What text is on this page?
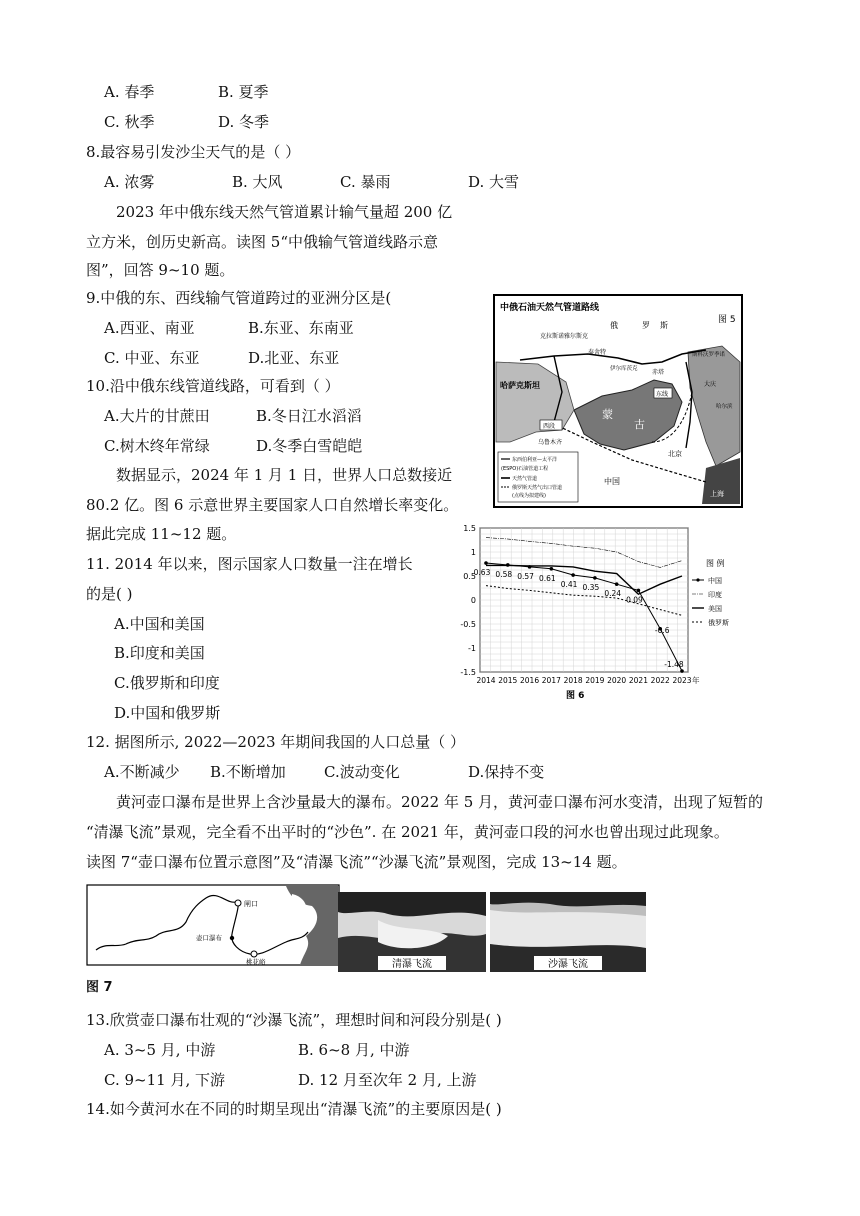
A. 春季	B. 夏季
C. 秋季	D. 冬季
8.最容易引发沙尘天气的是（ ）
A. 浓雾	B. 大风	C. 暴雨	D. 大雪
2023 年中俄东线天然气管道累计输气量超 200 亿
立方米，创历史新高。读图 5“中俄输气管道线路示意
图”，回答 9~10 题。
9.中俄的东、西线输气管道跨过的亚洲分区是(
A.西亚、南亚	B.东亚、东南亚
C. 中亚、东亚	D.北亚、东亚
10.沿中俄东线管道线路，可看到（ ）
A.大片的甘蔗田	B.冬日江水滔滔
C.树木终年常绿	D.冬季白雪皑皑
数据显示，2024 年 1 月 1 日，世界人口总数接近
80.2 亿。图 6 示意世界主要国家人口自然增长率变化。
据此完成 11~12 题。
11. 2014 年以来，图示国家人口数量一注在增长
的是( )
A.中国和美国
B.印度和美国
C.俄罗斯和印度
D.中国和俄罗斯
12. 据图所示, 2022—2023 年期间我国的人口总量（ ）
A.不断减少 B.不断增加	C.波动变化	D.保持不变
黄河壶口瀑布是世界上含沙量最大的瀑布。2022 年 5 月，黄河壶口瀑布河水变清，出现了短暂的
“清瀑飞流”景观，完全看不出平时的“沙色”. 在 2021 年，黄河壶口段的河水也曾出现过此现象。
读图 7“壶口瀑布位置示意图”及“清瀑飞流”“沙瀑飞流”景观图，完成 13~14 题。
13.欣赏壶口瀑布壮观的“沙瀑飞流”，理想时间和河段分别是( )
A. 3~5 月, 中游	B. 6~8 月, 中游
C. 9~11 月, 下游	D. 12 月至次年 2 月, 上游
14.如今黄河水在不同的时期呈现出“清瀑飞流”的主要原因是( )
中俄石油天然气管道路线
图 5
克拉斯诺雅尔斯克
俄	罗 斯
泰舍特	斯科沃罗季诺
伊尔库茨克 赤塔
大庆
哈萨克斯坦
蒙
古
西段
乌鲁木齐
东线
北京
中国
上海
哈尔滨
东西伯利亚—太平洋
(ESPO)石油管道工程
天然气管道
俄罗斯天然气出口管道
(点线为拟建线)
1.5
1
0.5
0
-0.5
-1
-1.5
2014 2015 2016 2017 2018 2019 2020 2021 2022 2023 年
0.63 0.58 0.57 0.61
0.41 0.35
0.24
0.09
-0.6
-1.48
图 例
中国
印度
美国
俄罗斯
图 6
闸口
壶口瀑布
桃花峪
图 7
清瀑飞流	沙瀑飞流
